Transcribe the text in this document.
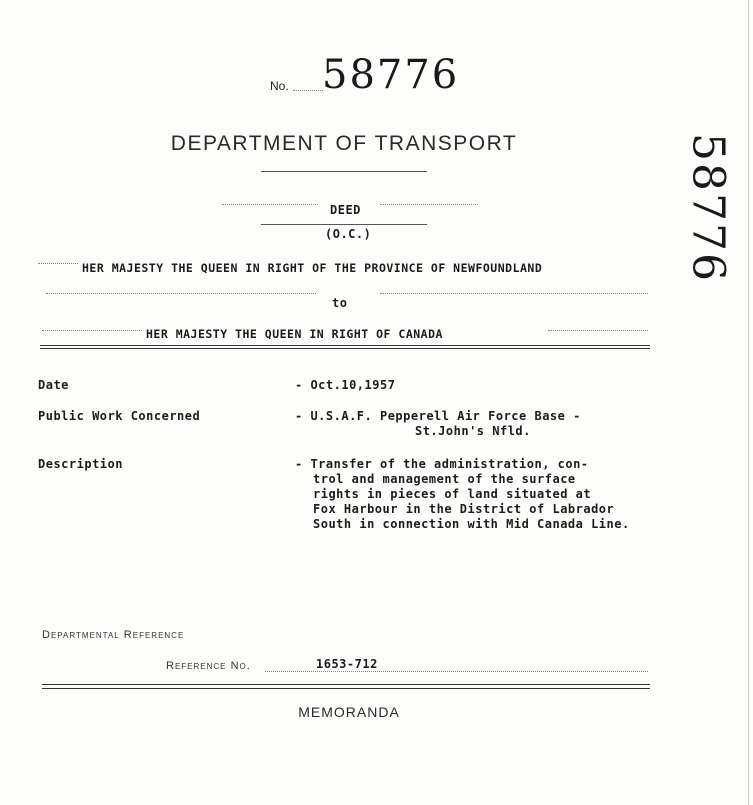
No. 58776
DEPARTMENT OF TRANSPORT	58776
DEED
(O.C.)
HER MAJESTY THE QUEEN IN RIGHT OF THE PROVINCE OF NEWFOUNDLAND
to
HER MAJESTY THE QUEEN IN RIGHT OF CANADA
Date	- Oct.10,1957
Public Work Concerned	- U.S.A.F. Pepperell Air Force Base -
St.John's Nfld.
Description	- Transfer of the administration, con-
trol and management of the surface
rights in pieces of land situated at
Fox Harbour in the District of Labrador
South in connection with Mid Canada Line.
Departmental Reference
Reference No.	1653-712
MEMORANDA
